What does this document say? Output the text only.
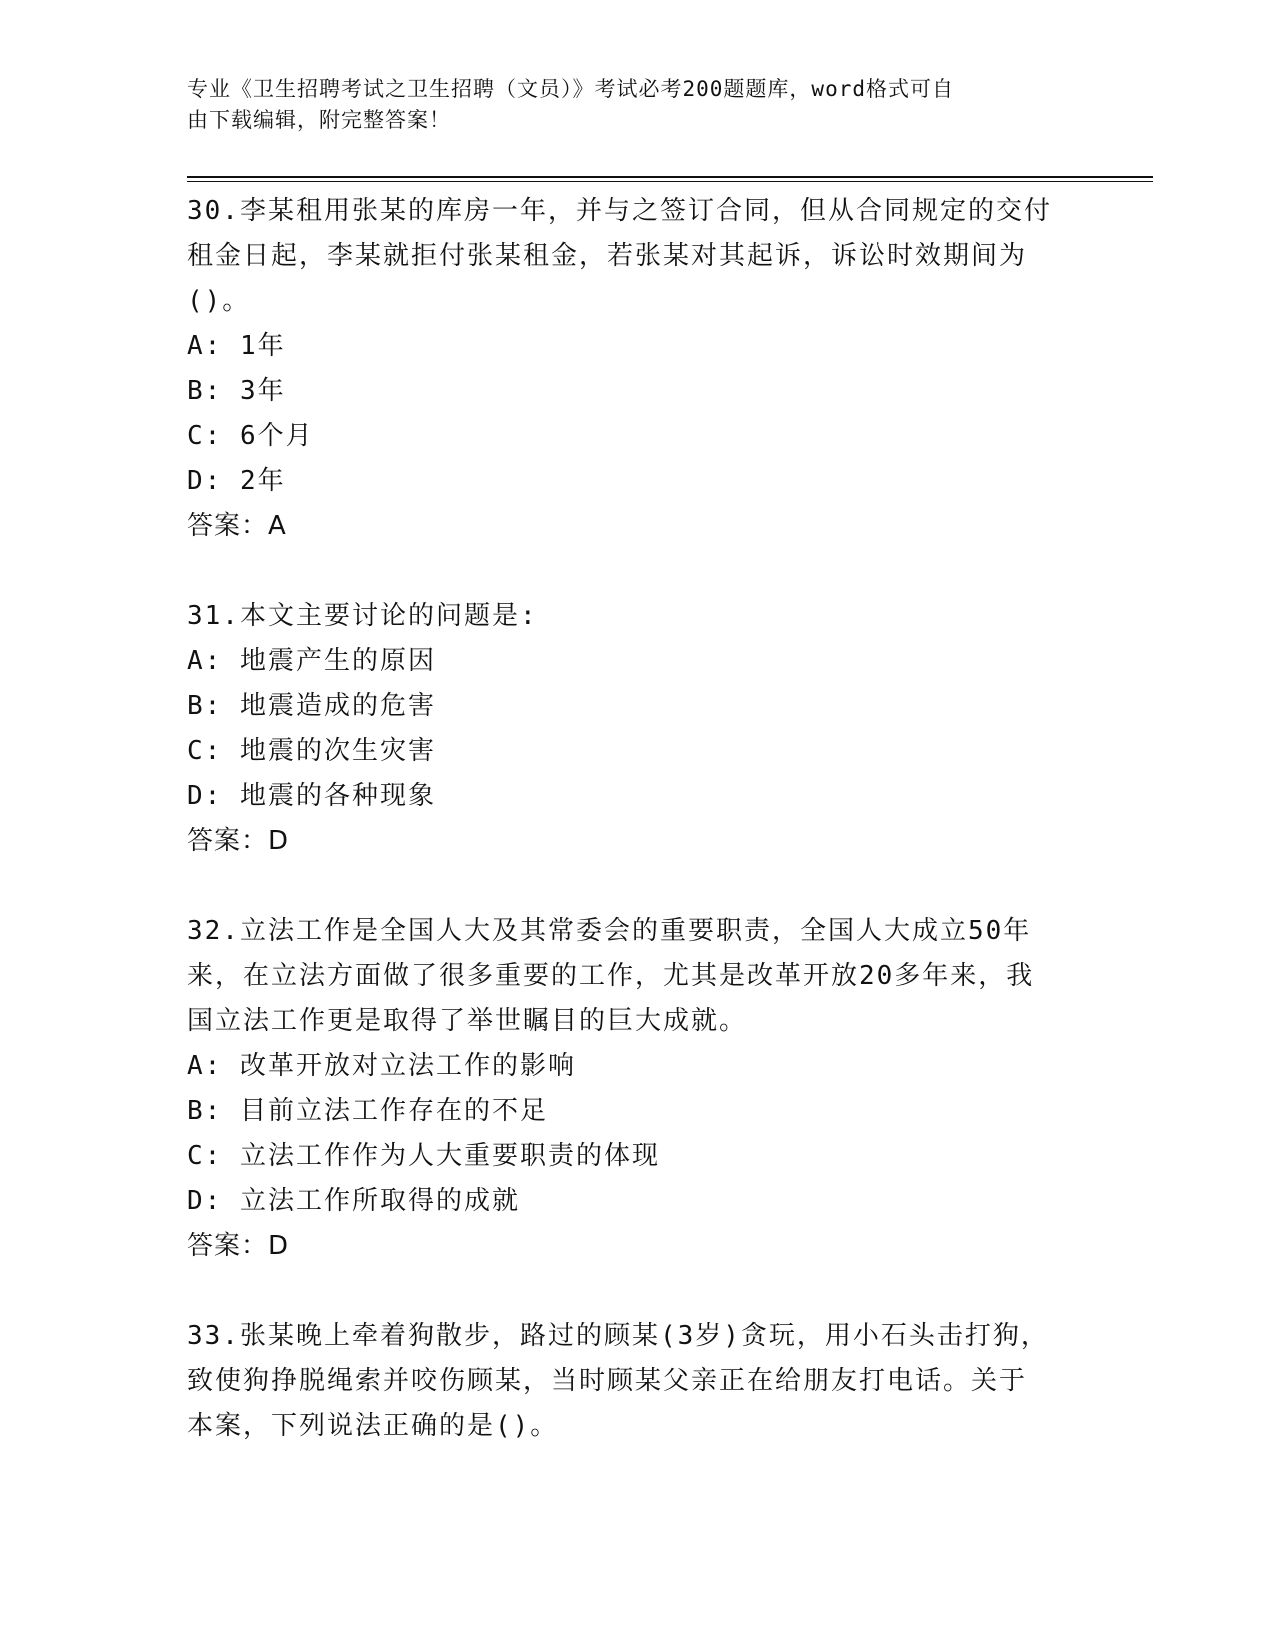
专业《卫生招聘考试之卫生招聘（文员）》考试必考200题题库，word格式可自
由下载编辑，附完整答案！
30.李某租用张某的库房一年，并与之签订合同，但从合同规定的交付
租金日起，李某就拒付张某租金，若张某对其起诉，诉讼时效期间为
()。
A: 1年
B: 3年
C: 6个月
D: 2年
答案：A
31.本文主要讨论的问题是:
A: 地震产生的原因
B: 地震造成的危害
C: 地震的次生灾害
D: 地震的各种现象
答案：D
32.立法工作是全国人大及其常委会的重要职责，全国人大成立50年
来，在立法方面做了很多重要的工作，尤其是改革开放20多年来，我
国立法工作更是取得了举世瞩目的巨大成就。
A: 改革开放对立法工作的影响
B: 目前立法工作存在的不足
C: 立法工作作为人大重要职责的体现
D: 立法工作所取得的成就
答案：D
33.张某晚上牵着狗散步，路过的顾某(3岁)贪玩，用小石头击打狗，
致使狗挣脱绳索并咬伤顾某，当时顾某父亲正在给朋友打电话。关于
本案，下列说法正确的是()。
